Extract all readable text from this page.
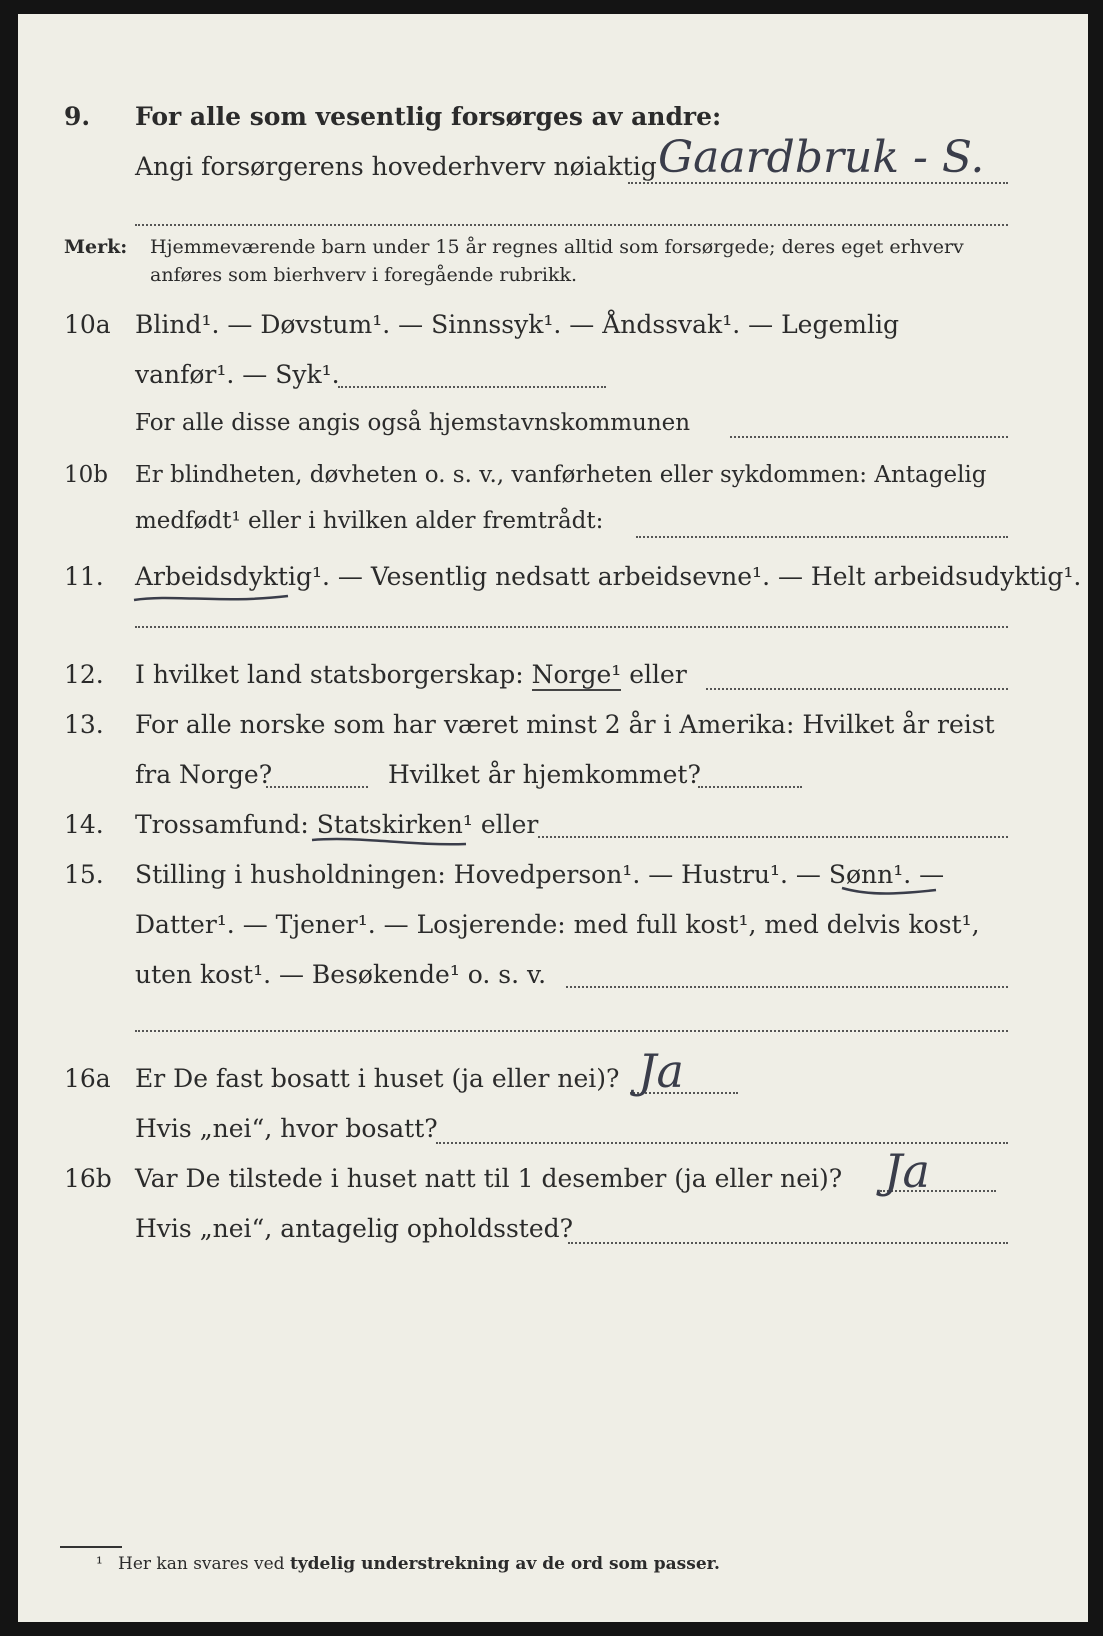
9. For alle som vesentlig forsørges av andre:
Angi forsørgerens hovederhverv nøiaktig Gaardbruk - S.
Merk: Hjemmeværende barn under 15 år regnes alltid som forsørgede; deres eget erhverv
anføres som bierhverv i foregående rubrikk.
10a Blind¹. — Døvstum¹. — Sinnssyk¹. — Åndssvak¹. — Legemlig
vanfør¹. — Syk¹.
For alle disse angis også hjemstavnskommunen
10b Er blindheten, døvheten o. s. v., vanførheten eller sykdommen: Antagelig
medfødt¹ eller i hvilken alder fremtrådt:
11. Arbeidsdyktig¹. — Vesentlig nedsatt arbeidsevne¹. — Helt arbeidsudyktig¹.
12. I hvilket land statsborgerskap: Norge¹ eller
13. For alle norske som har været minst 2 år i Amerika: Hvilket år reist
fra Norge?	Hvilket år hjemkommet?
14. Trossamfund: Statskirken¹ eller
15. Stilling i husholdningen: Hovedperson¹. — Hustru¹. — Sønn¹. —
Datter¹. — Tjener¹. — Losjerende: med full kost¹, med delvis kost¹,
uten kost¹. — Besøkende¹ o. s. v.
16a Er De fast bosatt i huset (ja eller nei)? Ja
Hvis „nei“, hvor bosatt?
16b Var De tilstede i huset natt til 1 desember (ja eller nei)? Ja
Hvis „nei“, antagelig opholdssted?
¹ Her kan svares ved tydelig understrekning av de ord som passer.
